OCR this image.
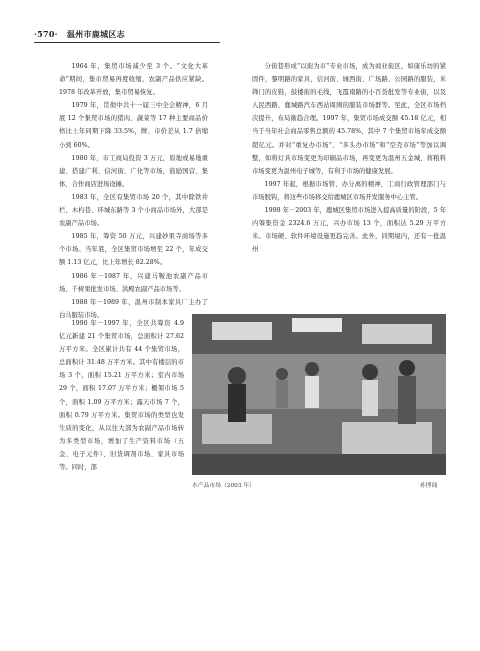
·570· 温州市鹿城区志

1964 年，集贸市场减少至 3 个。“文化大革命”期间，集市贸易再度收缩，农副产品供应紧缺。1978 年改革开放，集市贸易恢复。

1979 年，贯彻中共十一届三中全会精神，6 月底 12 个集贸市场的猪肉、蔬菜等 17 种主要商品价格比上年同期下降 33.5%，牌、市价差从 1.7 倍缩小到 60%。

1980 年，市工商局投资 3 万元，原地或易地重建、搭建广利、信河街、广化等市场，鼓励国营、集体、合作商店进场设摊。

1983 年，全区有集贸市场 20 个，其中除铁井栏、木杓巷、环城东路等 3 个小商品市场外，大部是农副产品市场。

1985 年，筹资 50 万元，兴建妙果寺商场等多个市场。当年底，全区集贸市场增至 22 个，年成交额 1.13 亿元，比上年增长 82.28%。

1986 年－1987 年，兴建马鞍池农副产品市场、千树果批发市场、洪殿农副产品市场等。

1988 年－1989 年，温州市制本家具厂主办了白马服装市场。

1990 年－1997 年，全区共筹资 4.9 亿元新建 21 个集贸市场，总面积计 27.62 万平方米。全区累计共有 44 个集贸市场，总面积计 31.48 万平方米。其中有楼层的市场 3 个，面积 15.21 万平方米；室内市场 29 个，面积 17.07 万平方米；棚架市场 5 个，面积 1.09 万平方米；露天市场 7 个，面积 0.79 万平方米。集贸市场的类型也发生质的变化，从以往大部为农副产品市场转为多类型市场，增加了生产资料市场（五金、电子元件）、旧货调剂市场、家具市场等。同时，部

分街巷形成“以街为市”专业市场，成为商业街区，如康乐坊的紧固件，黎明路的家具，信河街、城西街、广场路、公园路的服装，米筛门的皮鞋，鼓楼街的毛线，飞霞南路的小百货批发等专业街，以及人民西路、鹿城路汽车西站周围的服装市场群等。至此，全区市场档次提升，布局渐趋合理。1997 年，集贸市场成交额 45.18 亿元，相当于当年社会商品零售总额的 45.78%，其中 7 个集贸市场年成交额超亿元。并对“重复办市场”、“多头办市场”和“空壳市场”等加以调整，如将灯具市场变更为印刷品市场，再变更为温州五金城，将粮料市场变更为温州电子城等，有利于市场的健康发展。

1997 年起，根据市场管、办分离的精神，工商行政管理部门与市场脱钩，将这些市场移交给鹿城区市场开发服务中心主管。

1998 年－2003 年，鹿城区集贸市场进入提高质量的阶段，5 年内筹集资金 2324.6 万元，兴办市场 13 个，面积达 5.29 万平方米。市场硬、软件环境设施更趋完善。此外，同期境内，还有一批温州

水产品市场（2003 年）	孙博闻
